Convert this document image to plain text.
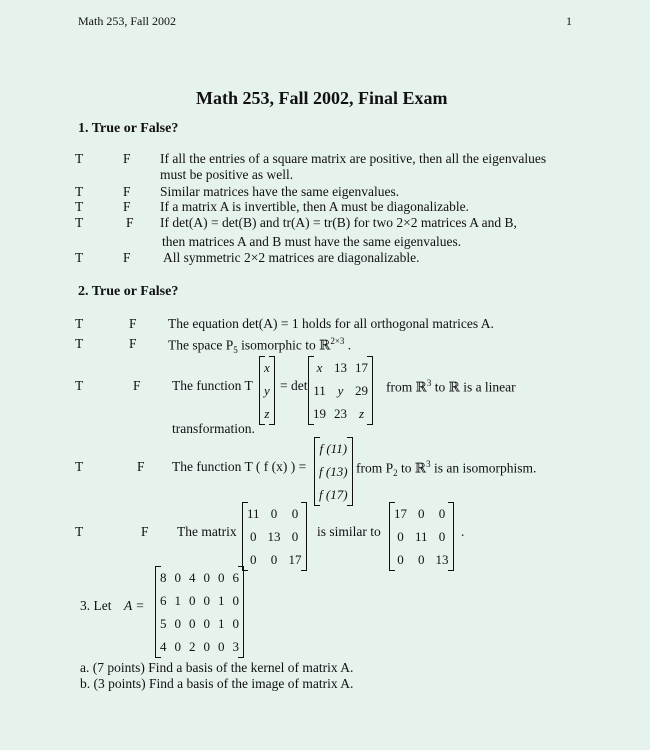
Math 253, Fall 2002	1
Math 253, Fall 2002, Final Exam
1. True or False?
T	F If all the entries of a square matrix are positive, then all the eigenvalues
must be positive as well.
T	F Similar matrices have the same eigenvalues.
T	F If a matrix A is invertible, then A must be diagonalizable.
T	F If det(A) = det(B) and tr(A) = tr(B) for two 2×2 matrices A and B,
then matrices A and B must have the same eigenvalues.
T	F All symmetric 2×2 matrices are diagonalizable.
2. True or False?
T	F The equation det(A) = 1 holds for all orthogonal matrices A.
T	F The space $P_5$ isomorphic to ℝ$^{2\times 3}$ .
T	F The function T
x
y
z
= det
x	13	17
11	y	29
19	23	z
from ℝ$^3$ to ℝ is a linear
transformation.
T	F The function T ( f (x) ) =
f (11)
f (13)
f (17)
from $P_2$ to ℝ$^3$ is an isomorphism.
T	F The matrix
11	0	0
0	13	0
0	0	17
is similar to
17	0	0
0	11	0
0	0	13
.
3. Let A =
8	0	4	0	0	6
6	1	0	0	1	0
5	0	0	0	1	0
4	0	2	0	0	3
a. (7 points) Find a basis of the kernel of matrix A.
b. (3 points) Find a basis of the image of matrix A.
